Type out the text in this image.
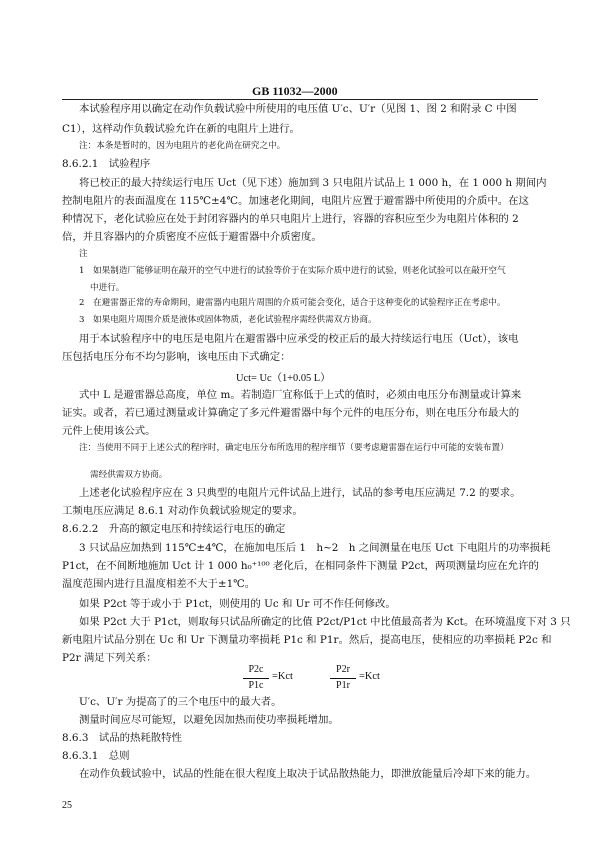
GB 11032—2000
本试验程序用以确定在动作负载试验中所使用的电压值 U′c、U′r（见图 1、图 2 和附录 C 中图
C1），这样动作负载试验允许在新的电阻片上进行。
注：本条是暂时的，因为电阻片的老化尚在研究之中。
8.6.2.1　试验程序
将已校正的最大持续运行电压 Uct（见下述）施加到 3 只电阻片试品上 1 000 h，在 1 000 h 期间内
控制电阻片的表面温度在 115℃±4℃。加速老化期间，电阻片应置于避雷器中所使用的介质中。在这
种情况下，老化试验应在处于封闭容器内的单只电阻片上进行，容器的容积应至少为电阻片体积的 2
倍，并且容器内的介质密度不应低于避雷器中介质密度。
注
1　如果制造厂能够证明在敲开的空气中进行的试验等价于在实际介质中进行的试验，则老化试验可以在敲开空气
中进行。
2　在避雷器正常的寿命期间，避雷器内电阻片周围的介质可能会变化，适合于这种变化的试验程序正在考虑中。
3　如果电阻片周围介质是液体或固体物质，老化试验程序需经供需双方协商。
用于本试验程序中的电压是电阻片在避雷器中应承受的校正后的最大持续运行电压（Uct），该电
压包括电压分布不均匀影响，该电压由下式确定：
Uct= Uc（1+0.05 L）
式中 L 是避雷器总高度，单位 m。若制造厂宜称低于上式的值时，必须由电压分布测量或计算来
证实。或者，若已通过测量或计算确定了多元件避雷器中每个元件的电压分布，则在电压分布最大的
元件上使用该公式。
注：当使用不同于上述公式的程序时，确定电压分布所选用的程序细节（要考虑避雷器在运行中可能的安装布置）
需经供需双方协商。
上述老化试验程序应在 3 只典型的电阻片元件试品上进行，试品的参考电压应满足 7.2 的要求。
工频电压应满足 8.6.1 对动作负载试验规定的要求。
8.6.2.2　升高的额定电压和持续运行电压的确定
3 只试品应加热到 115℃±4℃，在施加电压后 1　h~2　h 之间测量在电压 Uct 下电阻片的功率损耗
P1ct，在不间断地施加 Uct 计 1 000 h₀⁺¹⁰⁰ 老化后，在相同条件下测量 P2ct，两项测量均应在允许的
温度范围内进行且温度相差不大于±1℃。
如果 P2ct 等于或小于 P1ct，则使用的 Uc 和 Ur 可不作任何修改。
如果 P2ct 大于 P1ct，则取每只试品所确定的比值 P2ct/P1ct 中比值最高者为 Kct。在环境温度下对 3 只
新电阻片试品分别在 Uc 和 Ur 下测量功率损耗 P1c 和 P1r。然后，提高电压，使相应的功率损耗 P2c 和
P2r 满足下列关系：
P2c
P1c
=Kct
P2r
P1r
=Kct
U′c、U′r 为提高了的三个电压中的最大者。
测量时间应尽可能短，以避免因加热而使功率损耗增加。
8.6.3　试品的热耗散特性
8.6.3.1　总则
在动作负载试验中，试品的性能在很大程度上取决于试品散热能力，即泄放能量后冷却下来的能力。
25
